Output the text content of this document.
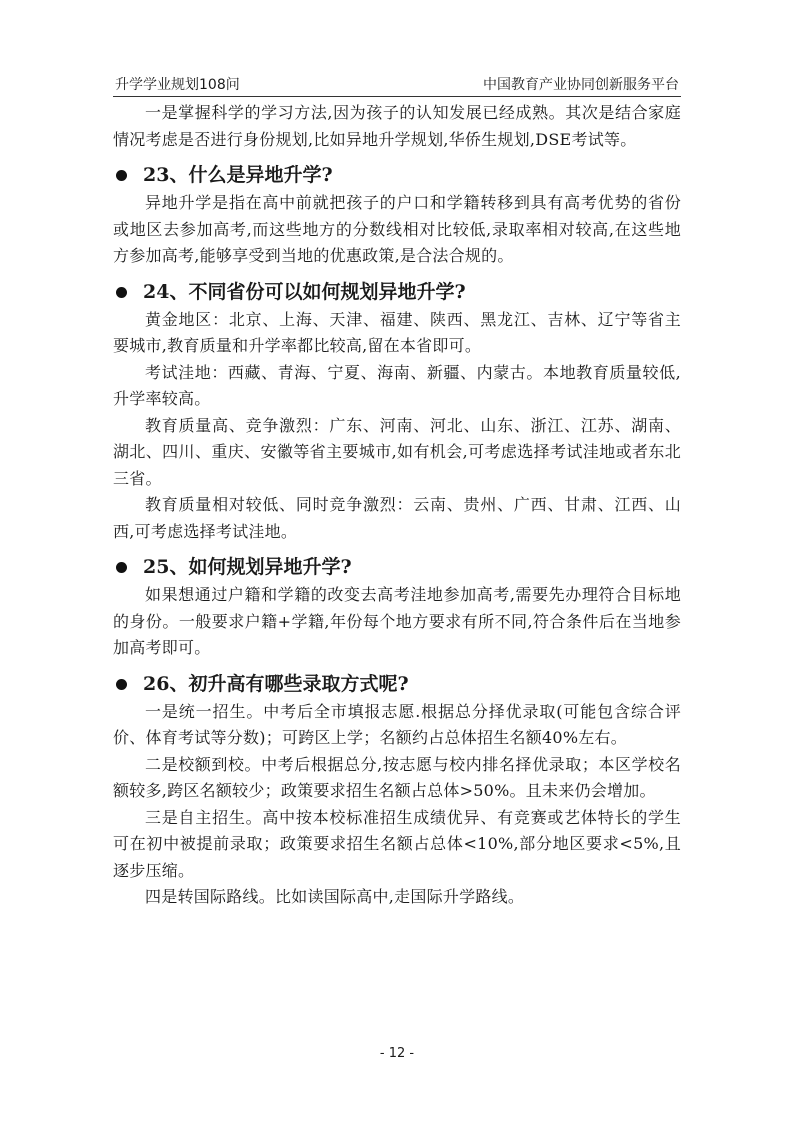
升学学业规划108问	中国教育产业协同创新服务平台

一是掌握科学的学习方法,因为孩子的认知发展已经成熟。其次是结合家庭情况考虑是否进行身份规划,比如异地升学规划,华侨生规划,DSE考试等。

23、什么是异地升学?

异地升学是指在高中前就把孩子的户口和学籍转移到具有高考优势的省份或地区去参加高考,而这些地方的分数线相对比较低,录取率相对较高,在这些地方参加高考,能够享受到当地的优惠政策,是合法合规的。

24、不同省份可以如何规划异地升学?

黄金地区：北京、上海、天津、福建、陕西、黑龙江、吉林、辽宁等省主要城市,教育质量和升学率都比较高,留在本省即可。

考试洼地：西藏、青海、宁夏、海南、新疆、内蒙古。本地教育质量较低,升学率较高。

教育质量高、竞争激烈：广东、河南、河北、山东、浙江、江苏、湖南、湖北、四川、重庆、安徽等省主要城市,如有机会,可考虑选择考试洼地或者东北三省。

教育质量相对较低、同时竞争激烈：云南、贵州、广西、甘肃、江西、山西,可考虑选择考试洼地。

25、如何规划异地升学?

如果想通过户籍和学籍的改变去高考洼地参加高考,需要先办理符合目标地的身份。一般要求户籍+学籍,年份每个地方要求有所不同,符合条件后在当地参加高考即可。

26、初升高有哪些录取方式呢?

一是统一招生。中考后全市填报志愿.根据总分择优录取(可能包含综合评价、体育考试等分数)；可跨区上学；名额约占总体招生名额40%左右。

二是校额到校。中考后根据总分,按志愿与校内排名择优录取；本区学校名额较多,跨区名额较少；政策要求招生名额占总体>50%。且未来仍会增加。

三是自主招生。高中按本校标准招生成绩优异、有竞赛或艺体特长的学生可在初中被提前录取；政策要求招生名额占总体<10%,部分地区要求<5%,且逐步压缩。

四是转国际路线。比如读国际高中,走国际升学路线。

- 12 -
